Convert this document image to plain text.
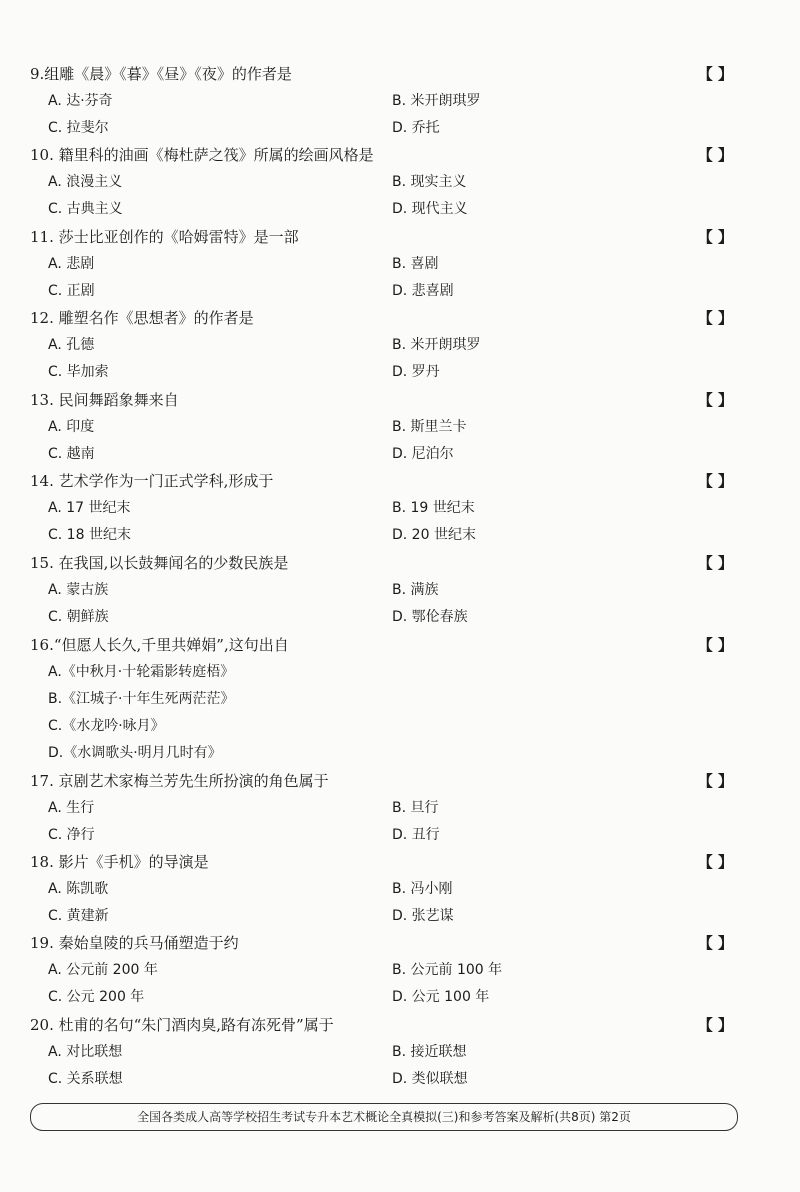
9.组雕《晨》《暮》《昼》《夜》的作者是	【 】
A. 达·芬奇	B. 米开朗琪罗
C. 拉斐尔	D. 乔托
10. 籍里科的油画《梅杜萨之筏》所属的绘画风格是	【 】
A. 浪漫主义	B. 现实主义
C. 古典主义	D. 现代主义
11. 莎士比亚创作的《哈姆雷特》是一部	【 】
A. 悲剧	B. 喜剧
C. 正剧	D. 悲喜剧
12. 雕塑名作《思想者》的作者是	【 】
A. 孔德	B. 米开朗琪罗
C. 毕加索	D. 罗丹
13. 民间舞蹈象舞来自	【 】
A. 印度	B. 斯里兰卡
C. 越南	D. 尼泊尔
14. 艺术学作为一门正式学科,形成于	【 】
A. 17 世纪末	B. 19 世纪末
C. 18 世纪末	D. 20 世纪末
15. 在我国,以长鼓舞闻名的少数民族是	【 】
A. 蒙古族	B. 满族
C. 朝鲜族	D. 鄂伦春族
16.“但愿人长久,千里共婵娟”,这句出自	【 】
A.《中秋月·十轮霜影转庭梧》
B.《江城子·十年生死两茫茫》
C.《水龙吟·咏月》
D.《水调歌头·明月几时有》
17. 京剧艺术家梅兰芳先生所扮演的角色属于	【 】
A. 生行	B. 旦行
C. 净行	D. 丑行
18. 影片《手机》的导演是	【 】
A. 陈凯歌	B. 冯小刚
C. 黄建新	D. 张艺谋
19. 秦始皇陵的兵马俑塑造于约	【 】
A. 公元前 200 年	B. 公元前 100 年
C. 公元 200 年	D. 公元 100 年
20. 杜甫的名句“朱门酒肉臭,路有冻死骨”属于	【 】
A. 对比联想	B. 接近联想
C. 关系联想	D. 类似联想
全国各类成人高等学校招生考试专升本艺术概论全真模拟(三)和参考答案及解析(共8页) 第2页
